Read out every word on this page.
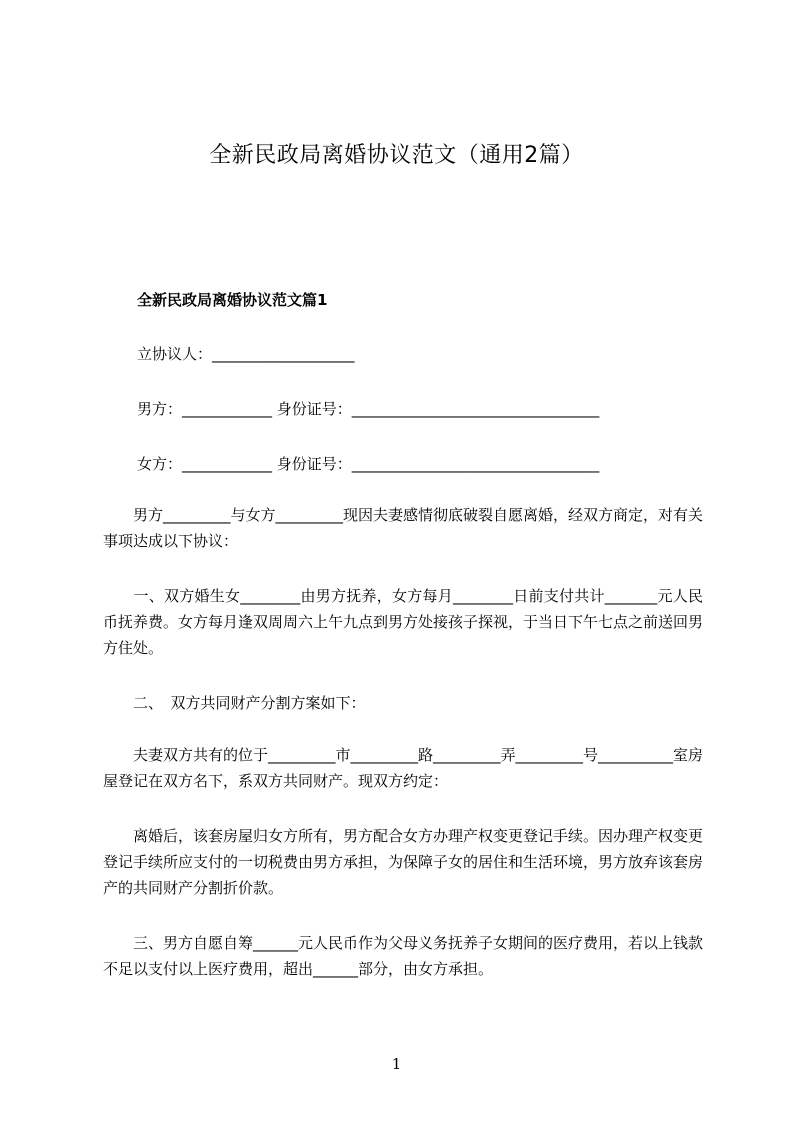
全新民政局离婚协议范文（通用2篇）
全新民政局离婚协议范文篇1
立协议人：___________________
男方：____________ 身份证号：_________________________________
女方：____________ 身份证号：_________________________________
　　男方_________与女方_________现因夫妻感情彻底破裂自愿离婚，经双方商定，对有关事项达成以下协议：
　　一、双方婚生女________由男方抚养，女方每月________日前支付共计_______元人民币抚养费。女方每月逢双周周六上午九点到男方处接孩子探视，于当日下午七点之前送回男方住处。
　　二、　双方共同财产分割方案如下：
　　夫妻双方共有的位于_________市_________路_________弄_________号__________室房屋登记在双方名下，系双方共同财产。现双方约定：
　　离婚后，该套房屋归女方所有，男方配合女方办理产权变更登记手续。因办理产权变更登记手续所应支付的一切税费由男方承担，为保障子女的居住和生活环境，男方放弃该套房产的共同财产分割折价款。
　　三、男方自愿自筹______元人民币作为父母义务抚养子女期间的医疗费用，若以上钱款不足以支付以上医疗费用，超出______部分，由女方承担。
1
